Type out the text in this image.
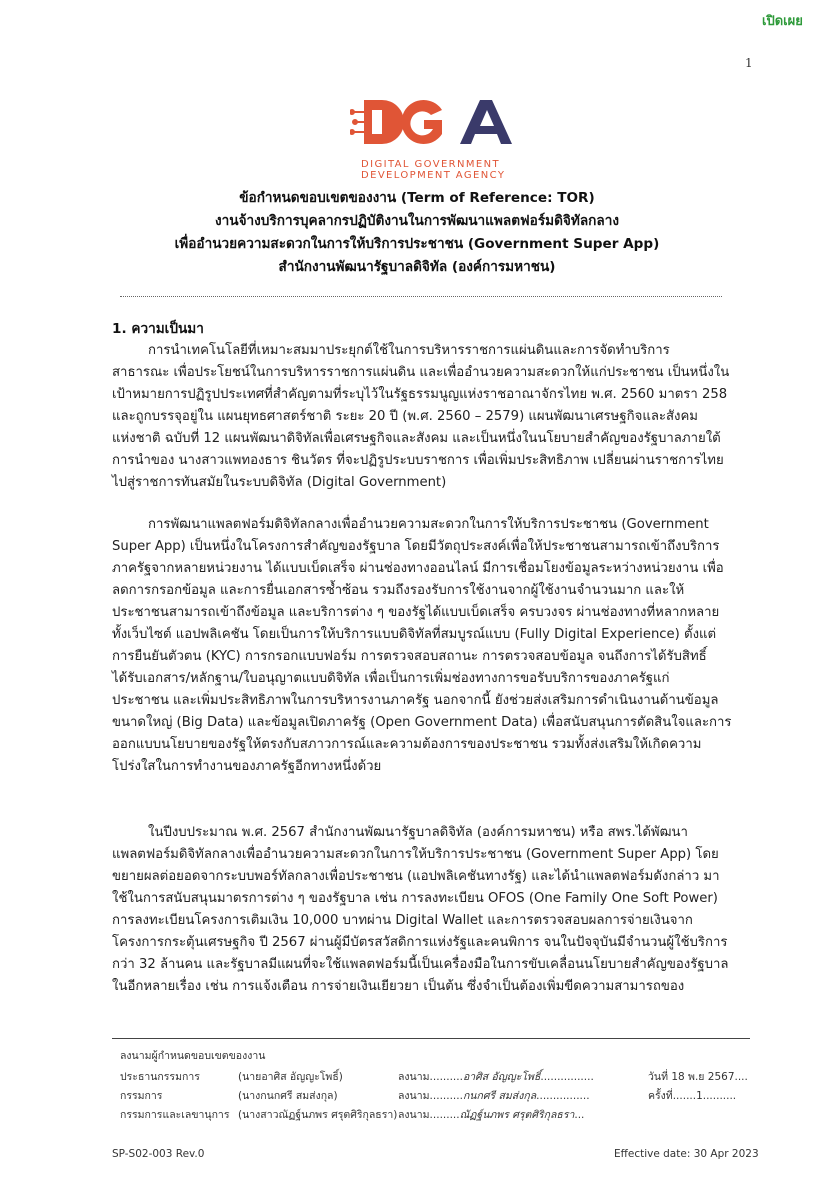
เปิดเผย
1
DIGITAL GOVERNMENT
DEVELOPMENT AGENCY
ข้อกำหนดขอบเขตของงาน (Term of Reference: TOR)
งานจ้างบริการบุคลากรปฏิบัติงานในการพัฒนาแพลตฟอร์มดิจิทัลกลาง
เพื่ออำนวยความสะดวกในการให้บริการประชาชน (Government Super App)
สำนักงานพัฒนารัฐบาลดิจิทัล (องค์การมหาชน)
1. ความเป็นมา
การนำเทคโนโลยีที่เหมาะสมมาประยุกต์ใช้ในการบริหารราชการแผ่นดินและการจัดทำบริการ
สาธารณะ เพื่อประโยชน์ในการบริหารราชการแผ่นดิน และเพื่ออำนวยความสะดวกให้แก่ประชาชน เป็นหนึ่งใน
เป้าหมายการปฏิรูปประเทศที่สำคัญตามที่ระบุไว้ในรัฐธรรมนูญแห่งราชอาณาจักรไทย พ.ศ. 2560 มาตรา 258
และถูกบรรจุอยู่ใน แผนยุทธศาสตร์ชาติ ระยะ 20 ปี (พ.ศ. 2560 – 2579) แผนพัฒนาเศรษฐกิจและสังคม
แห่งชาติ ฉบับที่ 12 แผนพัฒนาดิจิทัลเพื่อเศรษฐกิจและสังคม และเป็นหนึ่งในนโยบายสำคัญของรัฐบาลภายใต้
การนำของ นางสาวแพทองธาร ชินวัตร ที่จะปฏิรูประบบราชการ เพื่อเพิ่มประสิทธิภาพ เปลี่ยนผ่านราชการไทย
ไปสู่ราชการทันสมัยในระบบดิจิทัล (Digital Government)
การพัฒนาแพลตฟอร์มดิจิทัลกลางเพื่ออำนวยความสะดวกในการให้บริการประชาชน (Government
Super App) เป็นหนึ่งในโครงการสำคัญของรัฐบาล โดยมีวัตถุประสงค์เพื่อให้ประชาชนสามารถเข้าถึงบริการ
ภาครัฐจากหลายหน่วยงาน ได้แบบเบ็ดเสร็จ ผ่านช่องทางออนไลน์ มีการเชื่อมโยงข้อมูลระหว่างหน่วยงาน เพื่อ
ลดการกรอกข้อมูล และการยื่นเอกสารซ้ำซ้อน รวมถึงรองรับการใช้งานจากผู้ใช้งานจำนวนมาก และให้
ประชาชนสามารถเข้าถึงข้อมูล และบริการต่าง ๆ ของรัฐได้แบบเบ็ดเสร็จ ครบวงจร ผ่านช่องทางที่หลากหลาย
ทั้งเว็บไซต์ แอปพลิเคชัน โดยเป็นการให้บริการแบบดิจิทัลที่สมบูรณ์แบบ (Fully Digital Experience) ตั้งแต่
การยืนยันตัวตน (KYC) การกรอกแบบฟอร์ม การตรวจสอบสถานะ การตรวจสอบข้อมูล จนถึงการได้รับสิทธิ์
ได้รับเอกสาร/หลักฐาน/ใบอนุญาตแบบดิจิทัล เพื่อเป็นการเพิ่มช่องทางการขอรับบริการของภาครัฐแก่
ประชาชน และเพิ่มประสิทธิภาพในการบริหารงานภาครัฐ นอกจากนี้ ยังช่วยส่งเสริมการดำเนินงานด้านข้อมูล
ขนาดใหญ่ (Big Data) และข้อมูลเปิดภาครัฐ (Open Government Data) เพื่อสนับสนุนการตัดสินใจและการ
ออกแบบนโยบายของรัฐให้ตรงกับสภาวการณ์และความต้องการของประชาชน รวมทั้งส่งเสริมให้เกิดความ
โปร่งใสในการทำงานของภาครัฐอีกทางหนึ่งด้วย
ในปีงบประมาณ พ.ศ. 2567 สำนักงานพัฒนารัฐบาลดิจิทัล (องค์การมหาชน) หรือ สพร.ได้พัฒนา
แพลตฟอร์มดิจิทัลกลางเพื่ออำนวยความสะดวกในการให้บริการประชาชน (Government Super App) โดย
ขยายผลต่อยอดจากระบบพอร์ทัลกลางเพื่อประชาชน (แอปพลิเคชันทางรัฐ) และได้นำแพลตฟอร์มดังกล่าว มา
ใช้ในการสนับสนุนมาตรการต่าง ๆ ของรัฐบาล เช่น การลงทะเบียน OFOS (One Family One Soft Power)
การลงทะเบียนโครงการเติมเงิน 10,000 บาทผ่าน Digital Wallet และการตรวจสอบผลการจ่ายเงินจาก
โครงการกระตุ้นเศรษฐกิจ ปี 2567 ผ่านผู้มีบัตรสวัสดิการแห่งรัฐและคนพิการ จนในปัจจุบันมีจำนวนผู้ใช้บริการ
กว่า 32 ล้านคน และรัฐบาลมีแผนที่จะใช้แพลตฟอร์มนี้เป็นเครื่องมือในการขับเคลื่อนนโยบายสำคัญของรัฐบาล
ในอีกหลายเรื่อง เช่น การแจ้งเตือน การจ่ายเงินเยียวยา เป็นต้น ซึ่งจำเป็นต้องเพิ่มขีดความสามารถของ
ลงนามผู้กำหนดขอบเขตของงาน
ประธานกรรมการ	(นายอาศิส อัญญะโพธิ์)	ลงนาม..........อาศิส อัญญะโพธิ์................	วันที่ 18 พ.ย 2567....
กรรมการ	(นางกนกศรี สมส่งกุล)	ลงนาม..........กนกศรี สมส่งกุล................	ครั้งที่.......1..........
กรรมการและเลขานุการ (นางสาวณัฏฐ์นภพร ศรุตศิริกุลธรา) ลงนาม.........ณัฏฐ์นภพร ศรุตศิริกุลธรา...
SP-S02-003 Rev.0	Effective date: 30 Apr 2023
